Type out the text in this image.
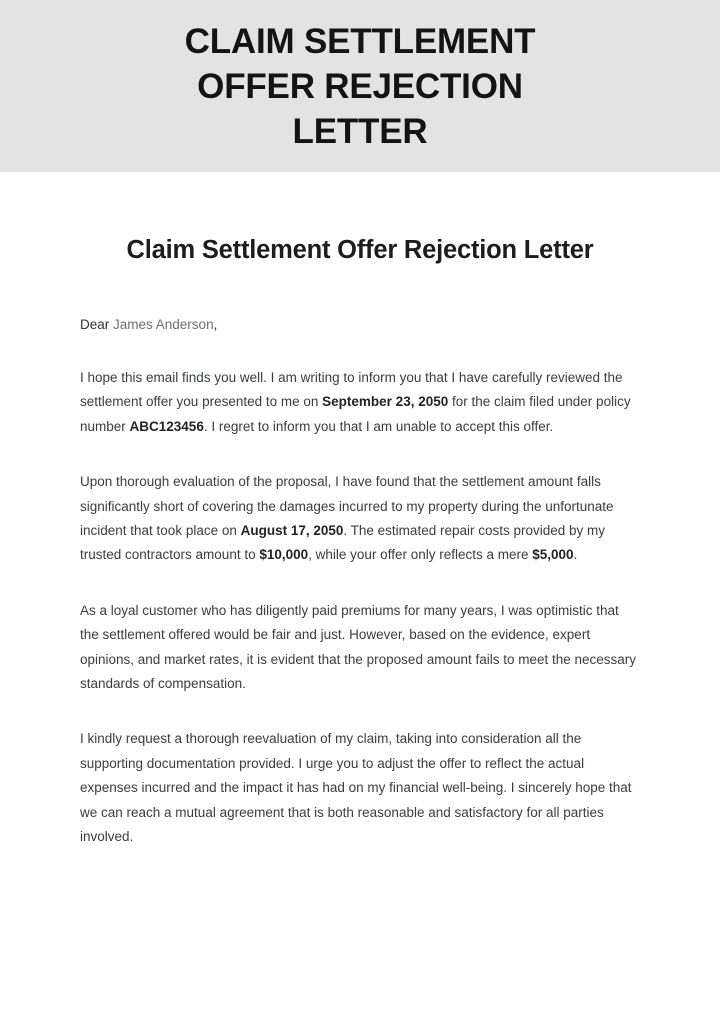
CLAIM SETTLEMENT OFFER REJECTION LETTER
Claim Settlement Offer Rejection Letter

Dear James Anderson,

I hope this email finds you well. I am writing to inform you that I have carefully reviewed the settlement offer you presented to me on September 23, 2050 for the claim filed under policy number ABC123456. I regret to inform you that I am unable to accept this offer.

Upon thorough evaluation of the proposal, I have found that the settlement amount falls significantly short of covering the damages incurred to my property during the unfortunate incident that took place on August 17, 2050. The estimated repair costs provided by my trusted contractors amount to $10,000, while your offer only reflects a mere $5,000.

As a loyal customer who has diligently paid premiums for many years, I was optimistic that the settlement offered would be fair and just. However, based on the evidence, expert opinions, and market rates, it is evident that the proposed amount fails to meet the necessary standards of compensation.

I kindly request a thorough reevaluation of my claim, taking into consideration all the supporting documentation provided. I urge you to adjust the offer to reflect the actual expenses incurred and the impact it has had on my financial well-being. I sincerely hope that we can reach a mutual agreement that is both reasonable and satisfactory for all parties involved.
